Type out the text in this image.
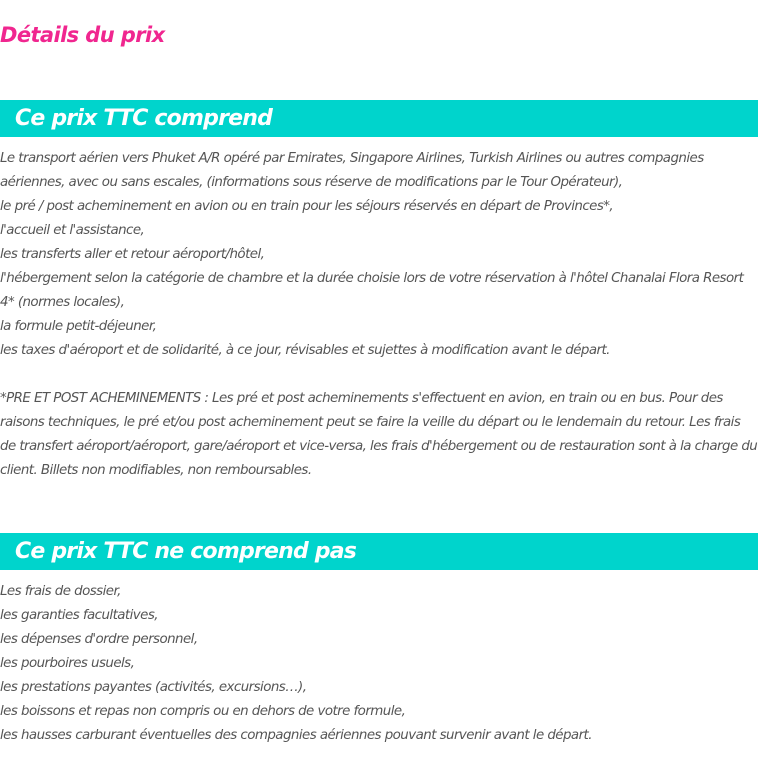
Détails du prix
Ce prix TTC comprend

Le transport aérien vers Phuket A/R opéré par Emirates, Singapore Airlines, Turkish Airlines ou autres compagnies aériennes, avec ou sans escales, (informations sous réserve de modifications par le Tour Opérateur),

le pré / post acheminement en avion ou en train pour les séjours réservés en départ de Provinces*,

l'accueil et l'assistance,

les transferts aller et retour aéroport/hôtel,

l'hébergement selon la catégorie de chambre et la durée choisie lors de votre réservation à l'hôtel Chanalai Flora Resort 4* (normes locales),

la formule petit-déjeuner,

les taxes d'aéroport et de solidarité, à ce jour, révisables et sujettes à modification avant le départ.

*PRE ET POST ACHEMINEMENTS : Les pré et post acheminements s'effectuent en avion, en train ou en bus. Pour des raisons techniques, le pré et/ou post acheminement peut se faire la veille du départ ou le lendemain du retour. Les frais de transfert aéroport/aéroport, gare/aéroport et vice-versa, les frais d'hébergement ou de restauration sont à la charge du client. Billets non modifiables, non remboursables.

Ce prix TTC ne comprend pas

Les frais de dossier,

les garanties facultatives,

les dépenses d'ordre personnel,

les pourboires usuels,

les prestations payantes (activités, excursions…),

les boissons et repas non compris ou en dehors de votre formule,

les hausses carburant éventuelles des compagnies aériennes pouvant survenir avant le départ.
